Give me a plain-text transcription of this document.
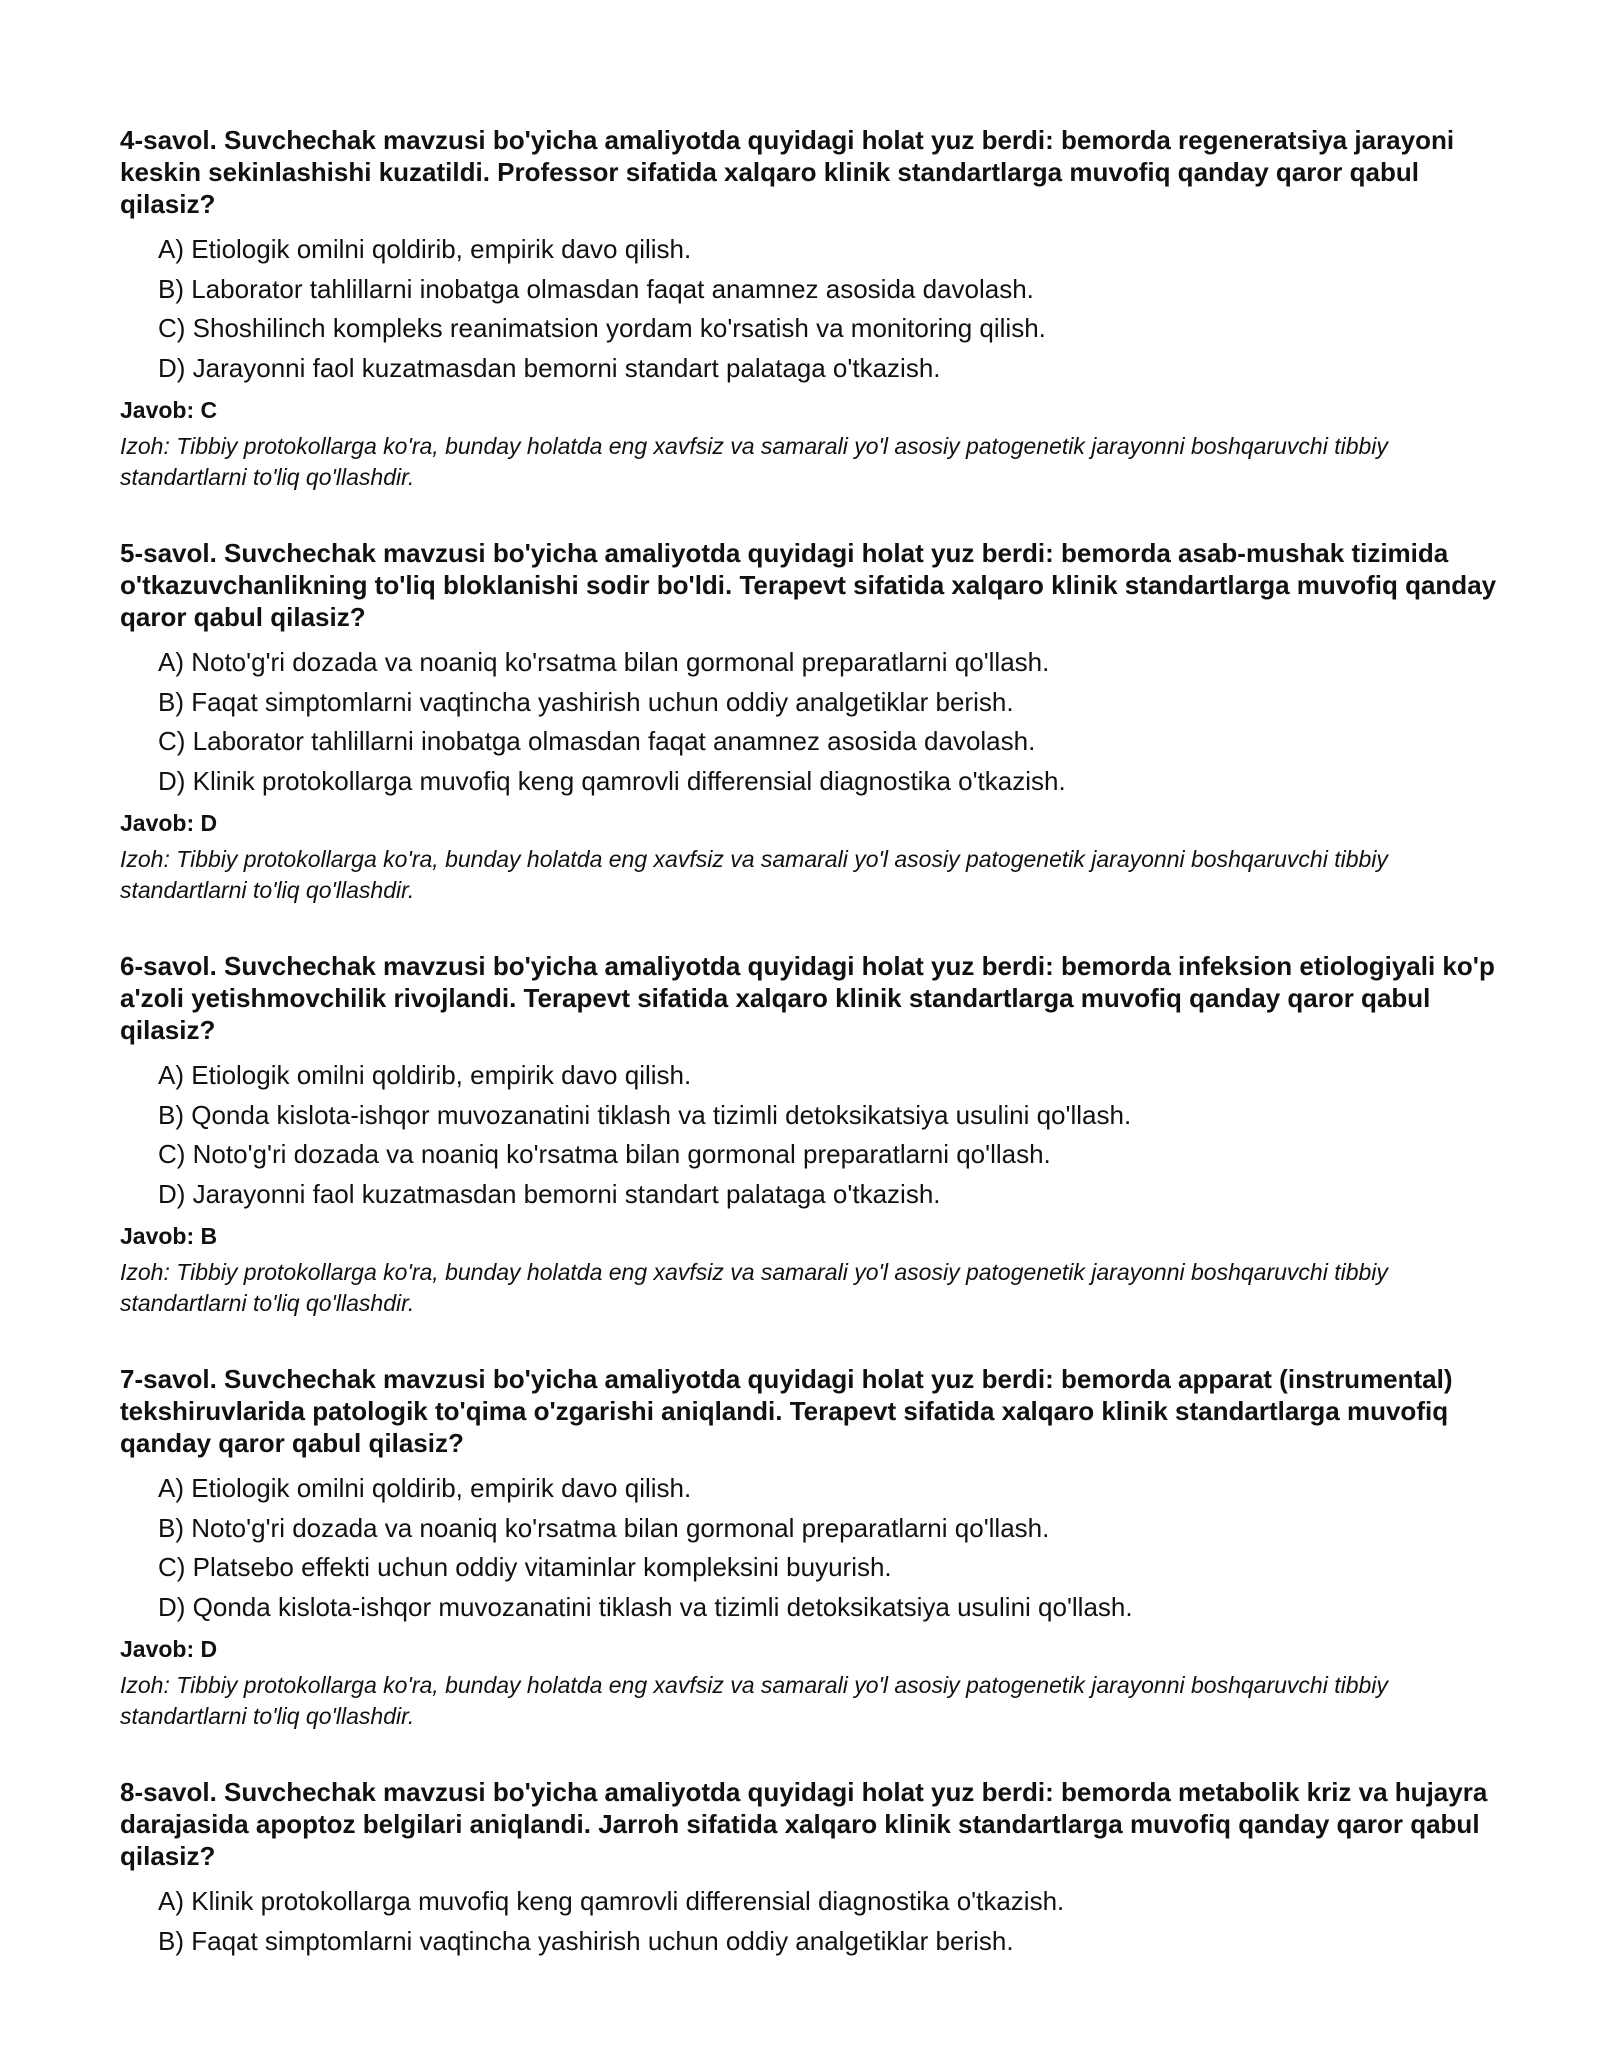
4-savol. Suvchechak mavzusi bo'yicha amaliyotda quyidagi holat yuz berdi: bemorda regeneratsiya jarayoni keskin sekinlashishi kuzatildi. Professor sifatida xalqaro klinik standartlarga muvofiq qanday qaror qabul qilasiz?
A) Etiologik omilni qoldirib, empirik davo qilish.
B) Laborator tahlillarni inobatga olmasdan faqat anamnez asosida davolash.
C) Shoshilinch kompleks reanimatsion yordam ko'rsatish va monitoring qilish.
D) Jarayonni faol kuzatmasdan bemorni standart palataga o'tkazish.
Javob: C

Izoh: Tibbiy protokollarga ko'ra, bunday holatda eng xavfsiz va samarali yo'l asosiy patogenetik jarayonni boshqaruvchi tibbiy standartlarni to'liq qo'llashdir.

5-savol. Suvchechak mavzusi bo'yicha amaliyotda quyidagi holat yuz berdi: bemorda asab-mushak tizimida o'tkazuvchanlikning to'liq bloklanishi sodir bo'ldi. Terapevt sifatida xalqaro klinik standartlarga muvofiq qanday qaror qabul qilasiz?
A) Noto'g'ri dozada va noaniq ko'rsatma bilan gormonal preparatlarni qo'llash.
B) Faqat simptomlarni vaqtincha yashirish uchun oddiy analgetiklar berish.
C) Laborator tahlillarni inobatga olmasdan faqat anamnez asosida davolash.
D) Klinik protokollarga muvofiq keng qamrovli differensial diagnostika o'tkazish.
Javob: D

Izoh: Tibbiy protokollarga ko'ra, bunday holatda eng xavfsiz va samarali yo'l asosiy patogenetik jarayonni boshqaruvchi tibbiy standartlarni to'liq qo'llashdir.

6-savol. Suvchechak mavzusi bo'yicha amaliyotda quyidagi holat yuz berdi: bemorda infeksion etiologiyali ko'p a'zoli yetishmovchilik rivojlandi. Terapevt sifatida xalqaro klinik standartlarga muvofiq qanday qaror qabul qilasiz?
A) Etiologik omilni qoldirib, empirik davo qilish.
B) Qonda kislota-ishqor muvozanatini tiklash va tizimli detoksikatsiya usulini qo'llash.
C) Noto'g'ri dozada va noaniq ko'rsatma bilan gormonal preparatlarni qo'llash.
D) Jarayonni faol kuzatmasdan bemorni standart palataga o'tkazish.
Javob: B

Izoh: Tibbiy protokollarga ko'ra, bunday holatda eng xavfsiz va samarali yo'l asosiy patogenetik jarayonni boshqaruvchi tibbiy standartlarni to'liq qo'llashdir.

7-savol. Suvchechak mavzusi bo'yicha amaliyotda quyidagi holat yuz berdi: bemorda apparat (instrumental) tekshiruvlarida patologik to'qima o'zgarishi aniqlandi. Terapevt sifatida xalqaro klinik standartlarga muvofiq qanday qaror qabul qilasiz?
A) Etiologik omilni qoldirib, empirik davo qilish.
B) Noto'g'ri dozada va noaniq ko'rsatma bilan gormonal preparatlarni qo'llash.
C) Platsebo effekti uchun oddiy vitaminlar kompleksini buyurish.
D) Qonda kislota-ishqor muvozanatini tiklash va tizimli detoksikatsiya usulini qo'llash.
Javob: D

Izoh: Tibbiy protokollarga ko'ra, bunday holatda eng xavfsiz va samarali yo'l asosiy patogenetik jarayonni boshqaruvchi tibbiy standartlarni to'liq qo'llashdir.

8-savol. Suvchechak mavzusi bo'yicha amaliyotda quyidagi holat yuz berdi: bemorda metabolik kriz va hujayra darajasida apoptoz belgilari aniqlandi. Jarroh sifatida xalqaro klinik standartlarga muvofiq qanday qaror qabul qilasiz?
A) Klinik protokollarga muvofiq keng qamrovli differensial diagnostika o'tkazish.
B) Faqat simptomlarni vaqtincha yashirish uchun oddiy analgetiklar berish.
